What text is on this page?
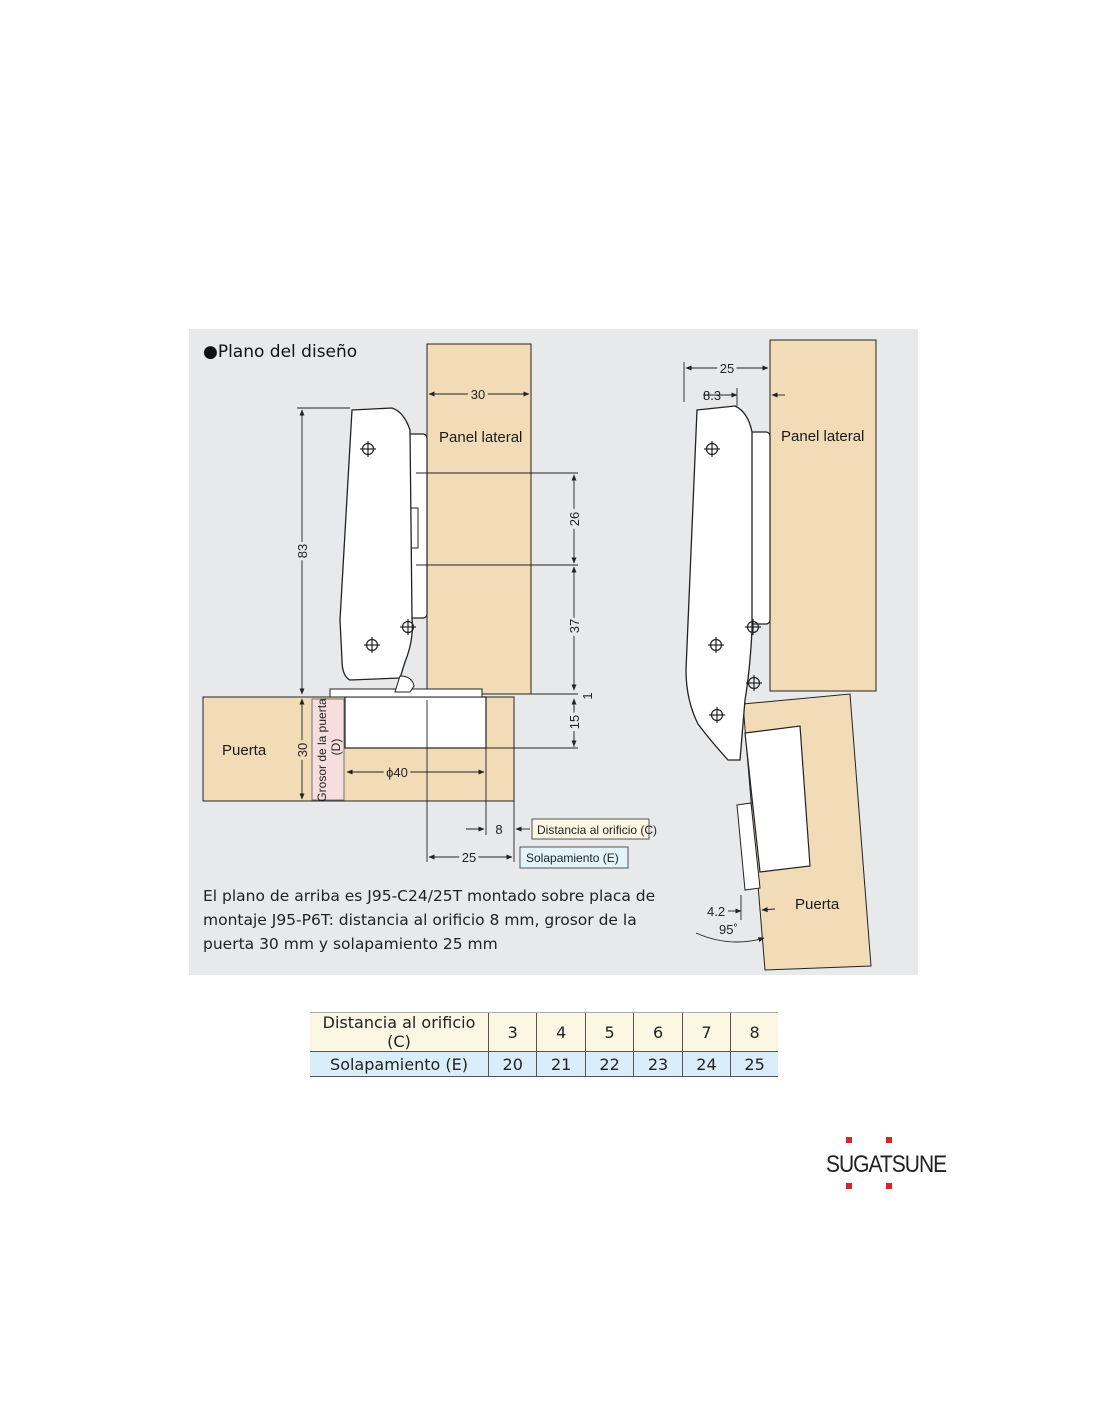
●Plano del diseño
Panel lateral	Panel lateral
Puerta
Puerta
30
83
26
37
1
15
30
ϕ40
8
25
25
8.3
4.2
95˚
Grosor de la puerta (D)
Distancia al orificio (C)
Solapamiento (E)
El plano de arriba es J95-C24/25T montado sobre placa de
montaje J95-P6T: distancia al orificio 8 mm, grosor de la
puerta 30 mm y solapamiento 25 mm
Distancia al orificio (C)	3	4	5	6	7	8
Solapamiento (E)	20	21	22	23	24	25
SUGATSUNE
